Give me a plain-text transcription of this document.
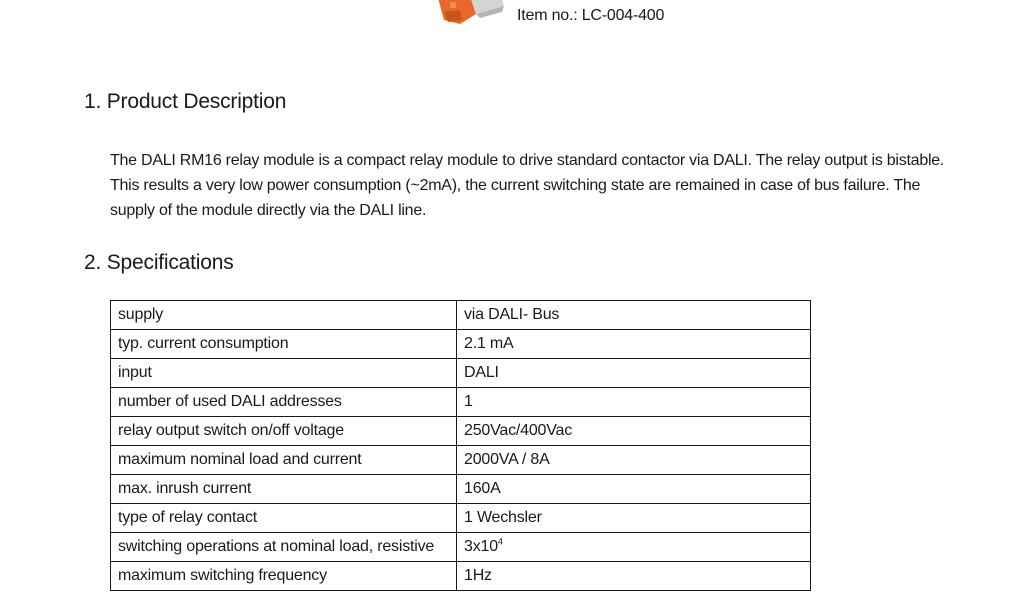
Item no.: LC-004-400
1. Product Description

The DALI RM16 relay module is a compact relay module to drive standard contactor via DALI. The relay output is bistable. This results a very low power consumption (~2mA), the current switching state are remained in case of bus failure. The supply of the module directly via the DALI line.

2. Specifications
supply	via DALI- Bus
typ. current consumption	2.1 mA
input	DALI
number of used DALI addresses	1
relay output switch on/off voltage	250Vac/400Vac
maximum nominal load and current	2000VA / 8A
max. inrush current	160A
type of relay contact	1 Wechsler
switching operations at nominal load, resistive	$3x10^4$
maximum switching frequency	1Hz
